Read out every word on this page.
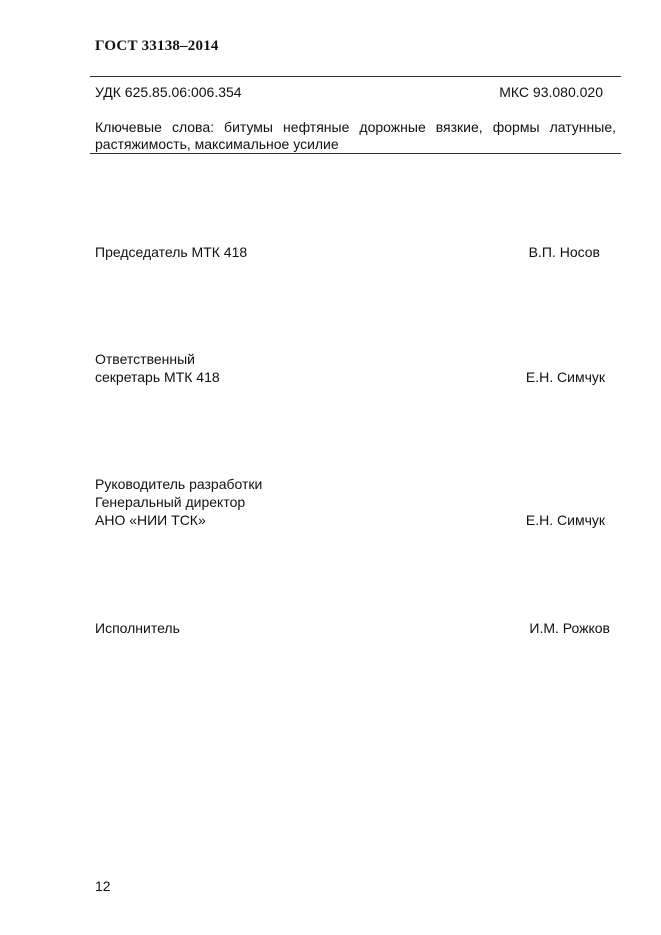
ГОСТ 33138–2014
УДК 625.85.06:006.354	МКС 93.080.020
Ключевые слова: битумы нефтяные дорожные вязкие, формы латунные, растяжимость, максимальное усилие
Председатель МТК 418	В.П. Носов
Ответственный
секретарь МТК 418	Е.Н. Симчук
Руководитель разработки
Генеральный директор
АНО «НИИ ТСК»	Е.Н. Симчук
Исполнитель	И.М. Рожков
12
